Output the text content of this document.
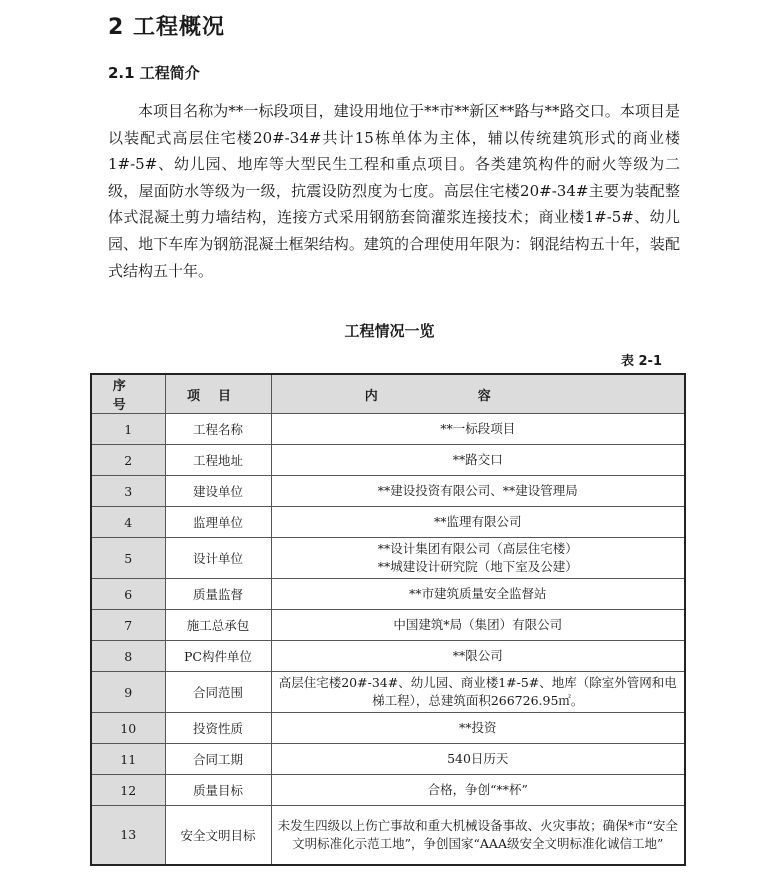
2 工程概况
2.1 工程简介

本项目名称为**一标段项目，建设用地位于**市**新区**路与**路交口。本项目是以装配式高层住宅楼20#-34#共计15栋单体为主体，辅以传统建筑形式的商业楼1#-5#、幼儿园、地库等大型民生工程和重点项目。各类建筑构件的耐火等级为二级，屋面防水等级为一级，抗震设防烈度为七度。高层住宅楼20#-34#主要为装配整体式混凝土剪力墙结构，连接方式采用钢筋套筒灌浆连接技术；商业楼1#-5#、幼儿园、地下车库为钢筋混凝土框架结构。建筑的合理使用年限为：钢混结构五十年，装配式结构五十年。

工程情况一览
表 2-1
序号	项目	内容
1	工程名称	**一标段项目
2	工程地址	**路交口
3	建设单位	**建设投资有限公司、**建设管理局
4	监理单位	**监理有限公司
5	设计单位	**设计集团有限公司（高层住宅楼）
**城建设计研究院（地下室及公建）
6	质量监督	**市建筑质量安全监督站
7	施工总承包	中国建筑*局（集团）有限公司
8	PC构件单位	**限公司
9	合同范围	高层住宅楼20#-34#、幼儿园、商业楼1#-5#、地库（除室外管网和电梯工程），总建筑面积266726.95㎡。
10	投资性质	**投资
11	合同工期	540日历天
12	质量目标	合格，争创“**杯”
13	安全文明目标	未发生四级以上伤亡事故和重大机械设备事故、火灾事故；确保*市“安全文明标准化示范工地”，争创国家“AAA级安全文明标准化诚信工地”
